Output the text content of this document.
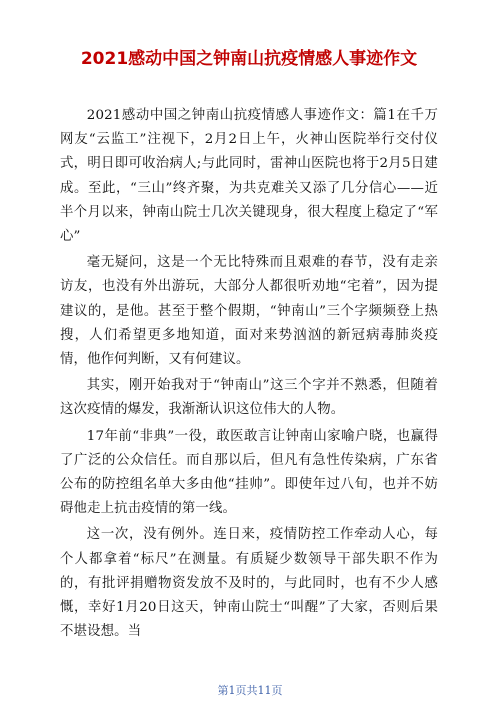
2021感动中国之钟南山抗疫情感人事迹作文

2021感动中国之钟南山抗疫情感人事迹作文：篇1在千万网友“云监工”注视下，2月2日上午，火神山医院举行交付仪式，明日即可收治病人;与此同时，雷神山医院也将于2月5日建成。至此，“三山”终齐聚，为共克难关又添了几分信心——近半个月以来，钟南山院士几次关键现身，很大程度上稳定了“军心”

毫无疑问，这是一个无比特殊而且艰难的春节，没有走亲访友，也没有外出游玩，大部分人都很听劝地“宅着”，因为提建议的，是他。甚至于整个假期，“钟南山”三个字频频登上热搜，人们希望更多地知道，面对来势汹汹的新冠病毒肺炎疫情，他作何判断，又有何建议。

其实，刚开始我对于“钟南山”这三个字并不熟悉，但随着这次疫情的爆发，我渐渐认识这位伟大的人物。

17年前“非典”一役，敢医敢言让钟南山家喻户晓，也赢得了广泛的公众信任。而自那以后，但凡有急性传染病，广东省公布的防控组名单大多由他“挂帅”。即使年过八旬，也并不妨碍他走上抗击疫情的第一线。

这一次，没有例外。连日来，疫情防控工作牵动人心，每个人都拿着“标尺”在测量。有质疑少数领导干部失职不作为的，有批评捐赠物资发放不及时的，与此同时，也有不少人感慨，幸好1月20日这天，钟南山院士“叫醒”了大家，否则后果不堪设想。当

第1页共11页
